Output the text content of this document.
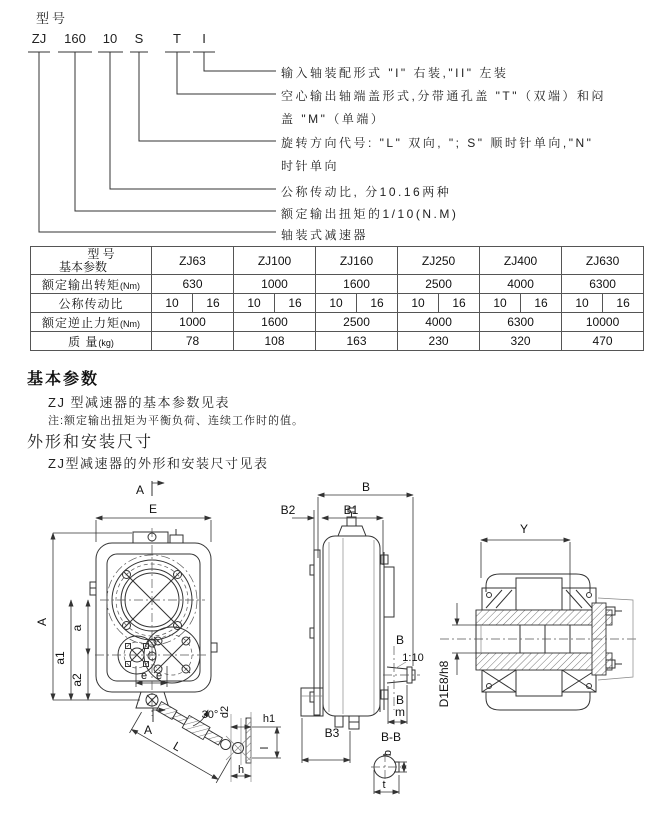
型号
ZJ 160 10 S T I
输入轴装配形式 "I" 右装,"II" 左装
空心输出轴端盖形式,分带通孔盖 "T"（双端）和闷
盖 "M"（单端）
旋转方向代号: "L" 双向, "; S" 顺时针单向,"N"
时针单向
公称传动比, 分10.16两种
额定输出扭矩的1/10(N.M)
轴装式减速器
型 号
基本参数	ZJ63		ZJ100		ZJ160		ZJ250		ZJ400		ZJ630	
额定输出转矩(Nm)	630		1000		1600		2500		4000		6300	
公称传动比	10	16	10	16	10	16	10	16	10	16	10	16
额定逆止力矩(Nm)	1000		1600		2500		4000		6300		10000	
质 量(kg)	78		108		163		230		320		470	
基本参数
ZJ 型减速器的基本参数见表
注:额定输出扭矩为平衡负荷、连续工作时的值。
外形和安装尺寸
ZJ型减速器的外形和安装尺寸见表
A
E
A
a1
a
a2	e e
L
30° d2
A
h1
l
h
B
B2	B1
B
1:10
B
m
B3	B-B
b
t
Y
D1E8/h8
